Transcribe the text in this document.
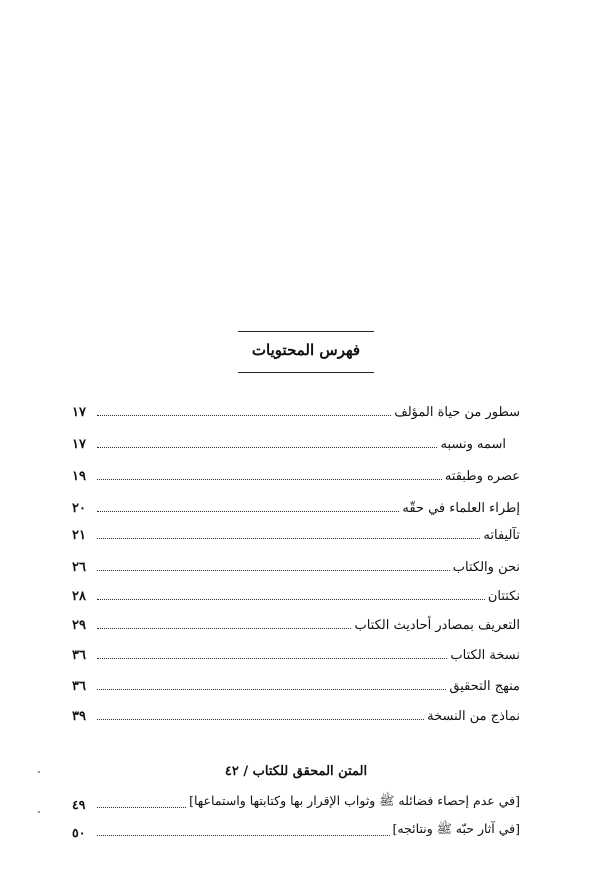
فهرس المحتويات
سطور من حياة المؤلف
١٧
اسمه ونسبه
١٧
عصره وطبقته
١٩
إطراء العلماء في حقّه
٢٠
تآليفاته
٢١
نحن والكتاب
٢٦
نكتتان
٢٨
التعريف بمصادر أحاديث الكتاب
٢٩
نسخة الكتاب
٣٦
منهج التحقيق
٣٦
نماذج من النسخة
٣٩
المتن المحقق للكتاب / ٤٢
[في عدم إحصاء فضائله ﷺ وثواب الإقرار بها وكتابتها واستماعها]
٤٩
[في آثار حبّه ﷺ ونتائجه]
٥٠
